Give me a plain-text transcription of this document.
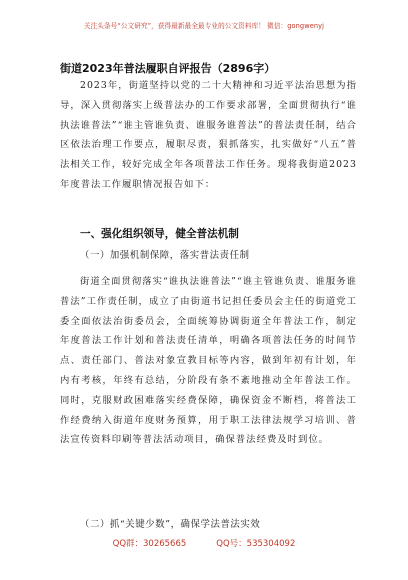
关注头条号“公文研究”，获得最新最全最专业的公文资料库！ 微信：gongwenyj
街道2023年普法履职自评报告（2896字）

2023年，街道坚持以党的二十大精神和习近平法治思想为指导，深入贯彻落实上级普法办的工作要求部署，全面贯彻执行“谁执法谁普法”“谁主管谁负责、谁服务谁普法”的普法责任制，结合区依法治理工作要点，履职尽责，狠抓落实，扎实做好“八五”普法相关工作，较好完成全年各项普法工作任务。现将我街道2023年度普法工作履职情况报告如下：

一、强化组织领导，健全普法机制
（一）加强机制保障，落实普法责任制

街道全面贯彻落实“谁执法谁普法”“谁主管谁负责、谁服务谁普法”工作责任制，成立了由街道书记担任委员会主任的街道党工委全面依法治街委员会，全面统筹协调街道全年普法工作，制定年度普法工作计划和普法责任清单，明确各项普法任务的时间节点、责任部门、普法对象宣教目标等内容，做到年初有计划，年内有考核，年终有总结，分阶段有条不紊地推动全年普法工作。同时，克服财政困难落实经费保障，确保资金不断档，将普法工作经费纳入街道年度财务预算，用于职工法律法规学习培训、普法宣传资料印刷等普法活动项目，确保普法经费及时到位。

（二）抓“关键少数”，确保学法普法实效
QQ群：30265665	QQ号：535304092
